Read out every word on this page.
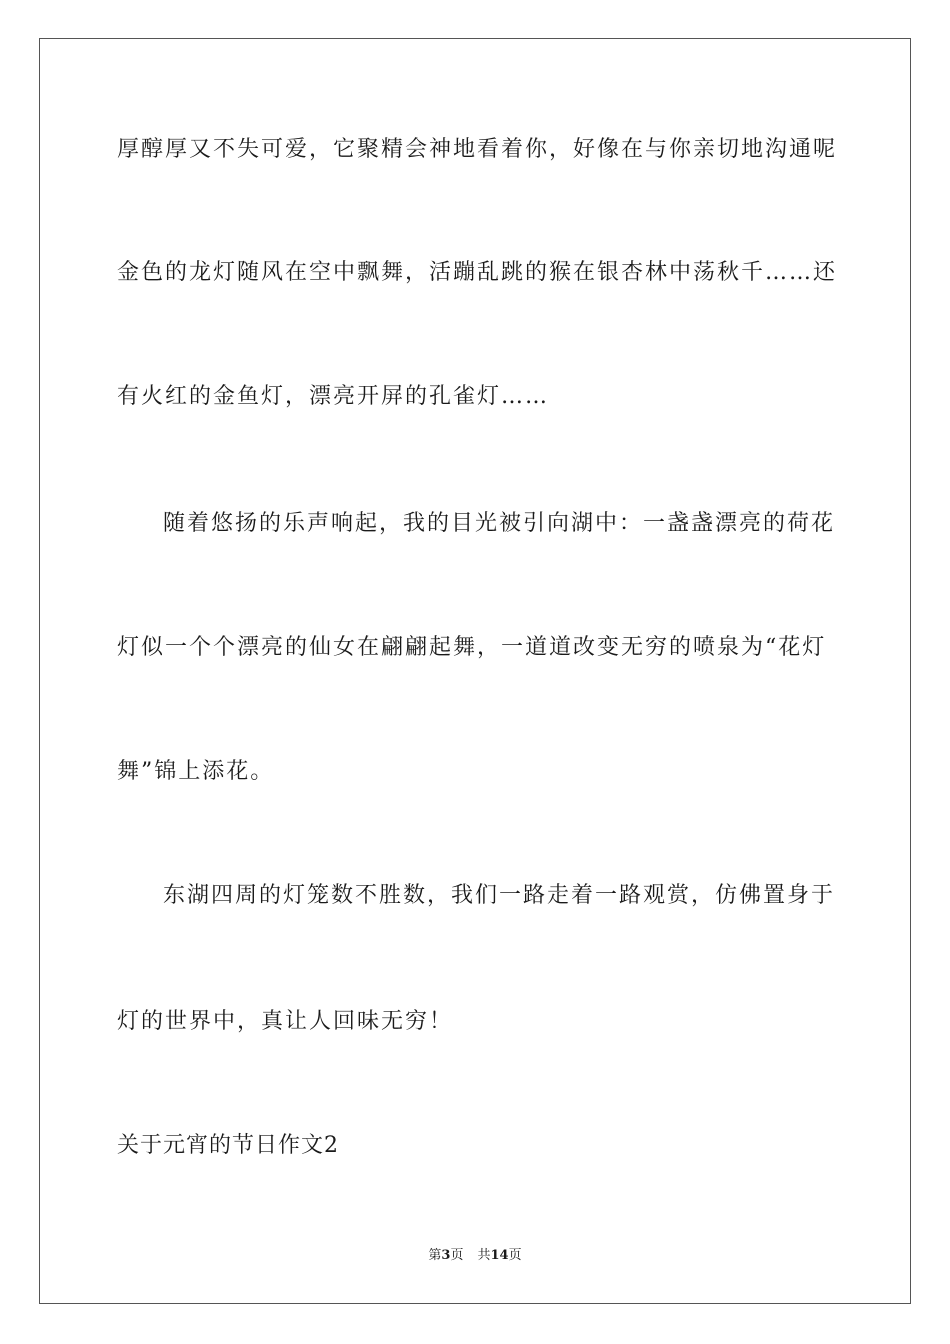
厚醇厚又不失可爱，它聚精会神地看着你，好像在与你亲切地沟通呢
金色的龙灯随风在空中飘舞，活蹦乱跳的猴在银杏林中荡秋千……还
有火红的金鱼灯，漂亮开屏的孔雀灯……
随着悠扬的乐声响起，我的目光被引向湖中：一盏盏漂亮的荷花
灯似一个个漂亮的仙女在翩翩起舞，一道道改变无穷的喷泉为“花灯
舞”锦上添花。
东湖四周的灯笼数不胜数，我们一路走着一路观赏，仿佛置身于
灯的世界中，真让人回味无穷！
关于元宵的节日作文2
第3页 共14页
